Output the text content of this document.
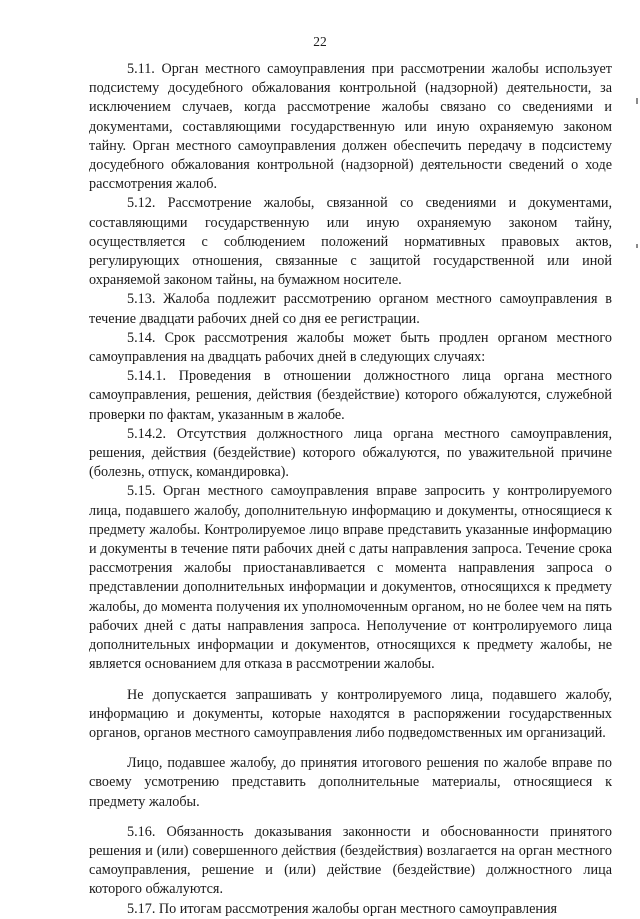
22

5.11. Орган местного самоуправления при рассмотрении жалобы использует подсистему досудебного обжалования контрольной (надзорной) деятельности, за исключением случаев, когда рассмотрение жалобы связано со сведениями и документами, составляющими государственную или иную охраняемую законом тайну. Орган местного самоуправления должен обеспечить передачу в подсистему досудебного обжалования контрольной (надзорной) деятельности сведений о ходе рассмотрения жалоб.

5.12. Рассмотрение жалобы, связанной со сведениями и документами, составляющими государственную или иную охраняемую законом тайну, осуществляется с соблюдением положений нормативных правовых актов, регулирующих отношения, связанные с защитой государственной или иной охраняемой законом тайны, на бумажном носителе.

5.13. Жалоба подлежит рассмотрению органом местного самоуправления в течение двадцати рабочих дней со дня ее регистрации.

5.14. Срок рассмотрения жалобы может быть продлен органом местного самоуправления на двадцать рабочих дней в следующих случаях:

5.14.1. Проведения в отношении должностного лица органа местного самоуправления, решения, действия (бездействие) которого обжалуются, служебной проверки по фактам, указанным в жалобе.

5.14.2. Отсутствия должностного лица органа местного самоуправления, решения, действия (бездействие) которого обжалуются, по уважительной причине (болезнь, отпуск, командировка).

5.15. Орган местного самоуправления вправе запросить у контролируемого лица, подавшего жалобу, дополнительную информацию и документы, относящиеся к предмету жалобы. Контролируемое лицо вправе представить указанные информацию и документы в течение пяти рабочих дней с даты направления запроса. Течение срока рассмотрения жалобы приостанавливается с момента направления запроса о представлении дополнительных информации и документов, относящихся к предмету жалобы, до момента получения их уполномоченным органом, но не более чем на пять рабочих дней с даты направления запроса. Неполучение от контролируемого лица дополнительных информации и документов, относящихся к предмету жалобы, не является основанием для отказа в рассмотрении жалобы.

Не допускается запрашивать у контролируемого лица, подавшего жалобу, информацию и документы, которые находятся в распоряжении государственных органов, органов местного самоуправления либо подведомственных им организаций.

Лицо, подавшее жалобу, до принятия итогового решения по жалобе вправе по своему усмотрению представить дополнительные материалы, относящиеся к предмету жалобы.

5.16. Обязанность доказывания законности и обоснованности принятого решения и (или) совершенного действия (бездействия) возлагается на орган местного самоуправления, решение и (или) действие (бездействие) должностного лица которого обжалуются.

5.17. По итогам рассмотрения жалобы орган местного самоуправления
